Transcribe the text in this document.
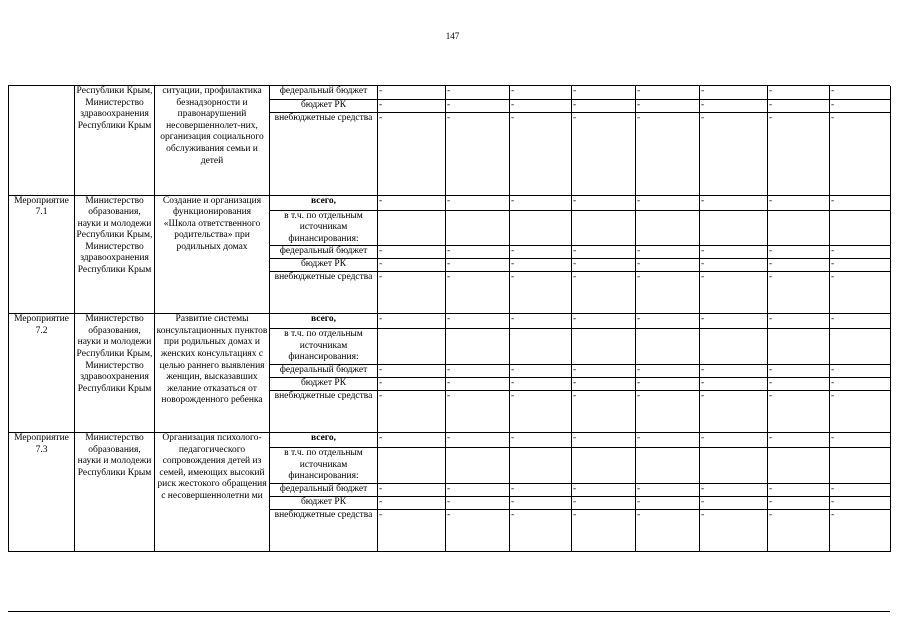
147
	Республики Крым, Министерство здравоохранения Республики Крым	ситуации, профилактика безнадзорности и правонарушений несовершеннолет-них, организация социального обслуживания семьи и детей	федеральный бюджет	-	-	-	-	-	-	-	-
			бюджет РК	-	-	-	-	-	-	-	-
			внебюджетные средства	-	-	-	-	-	-	-	-
Мероприятие 7.1	Министерство образования, науки и молодежи Республики Крым, Министерство здравоохранения Республики Крым	Создание и организация функционирования «Школа ответственного родительства» при родильных домах	всего,	-	-	-	-	-	-	-	-
			в т.ч. по отдельным источникам финансирования:								
			федеральный бюджет	-	-	-	-	-	-	-	-
			бюджет РК	-	-	-	-	-	-	-	-
			внебюджетные средства	-	-	-	-	-	-	-	-
Мероприятие 7.2	Министерство образования, науки и молодежи Республики Крым, Министерство здравоохранения Республики Крым	Развитие системы консультационных пунктов при родильных домах и женских консультациях с целью раннего выявления женщин, высказавших желание отказаться от новорожденного ребенка	всего,	-	-	-	-	-	-	-	-
			в т.ч. по отдельным источникам финансирования:								
			федеральный бюджет	-	-	-	-	-	-	-	-
			бюджет РК	-	-	-	-	-	-	-	-
			внебюджетные средства	-	-	-	-	-	-	-	-
Мероприятие 7.3	Министерство образования, науки и молодежи Республики Крым	Организация психолого-педагогического сопровождения детей из семей, имеющих высокий риск жестокого обращения с несовершеннолетни ми	всего,	-	-	-	-	-	-	-	-
			в т.ч. по отдельным источникам финансирования:								
			федеральный бюджет	-	-	-	-	-	-	-	-
			бюджет РК	-	-	-	-	-	-	-	-
			внебюджетные средства	-	-	-	-	-	-	-	-
